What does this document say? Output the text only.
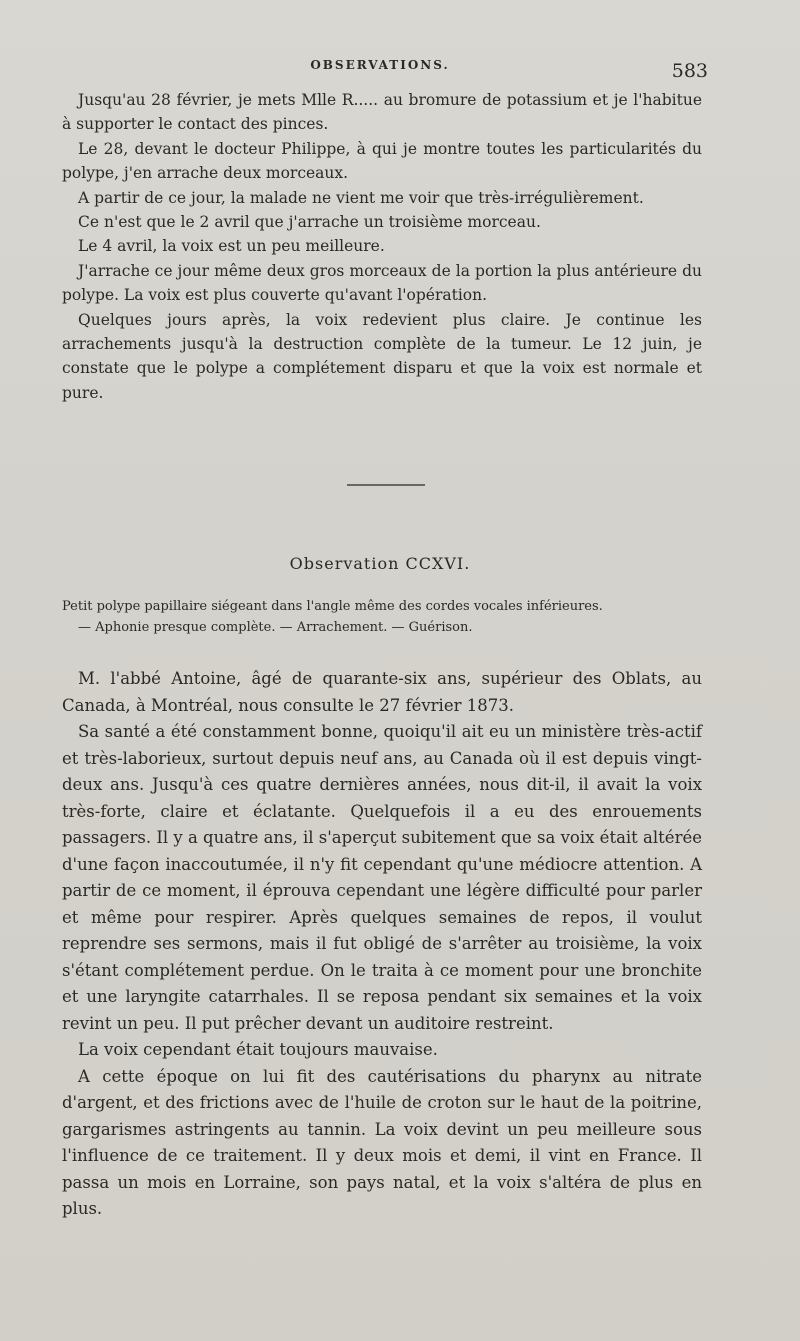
OBSERVATIONS.	583

Jusqu'au 28 février, je mets Mlle R..... au bromure de potassium et je l'habitue à supporter le contact des pinces.

Le 28, devant le docteur Philippe, à qui je montre toutes les particularités du polype, j'en arrache deux morceaux.

A partir de ce jour, la malade ne vient me voir que très-irrégulièrement.

Ce n'est que le 2 avril que j'arrache un troisième morceau.

Le 4 avril, la voix est un peu meilleure.

J'arrache ce jour même deux gros morceaux de la portion la plus antérieure du polype. La voix est plus couverte qu'avant l'opération.

Quelques jours après, la voix redevient plus claire. Je continue les arrachements jusqu'à la destruction complète de la tumeur. Le 12 juin, je constate que le polype a complétement disparu et que la voix est normale et pure.

Observation CCXVI.
Petit polype papillaire siégeant dans l'angle même des cordes vocales inférieures.
— Aphonie presque complète. — Arrachement. — Guérison.

M. l'abbé Antoine, âgé de quarante-six ans, supérieur des Oblats, au Canada, à Montréal, nous consulte le 27 février 1873.

Sa santé a été constamment bonne, quoiqu'il ait eu un ministère très-actif et très-laborieux, surtout depuis neuf ans, au Canada où il est depuis vingt-deux ans. Jusqu'à ces quatre dernières années, nous dit-il, il avait la voix très-forte, claire et éclatante. Quelquefois il a eu des enrouements passagers. Il y a quatre ans, il s'aperçut subitement que sa voix était altérée d'une façon inaccoutumée, il n'y fit cependant qu'une médiocre attention. A partir de ce moment, il éprouva cependant une légère difficulté pour parler et même pour respirer. Après quelques semaines de repos, il voulut reprendre ses sermons, mais il fut obligé de s'arrêter au troisième, la voix s'étant complétement perdue. On le traita à ce moment pour une bronchite et une laryngite catarrhales. Il se reposa pendant six semaines et la voix revint un peu. Il put prêcher devant un auditoire restreint.

La voix cependant était toujours mauvaise.

A cette époque on lui fit des cautérisations du pharynx au nitrate d'argent, et des frictions avec de l'huile de croton sur le haut de la poitrine, gargarismes astringents au tannin. La voix devint un peu meilleure sous l'influence de ce traitement. Il y deux mois et demi, il vint en France. Il passa un mois en Lorraine, son pays natal, et la voix s'altéra de plus en plus.
